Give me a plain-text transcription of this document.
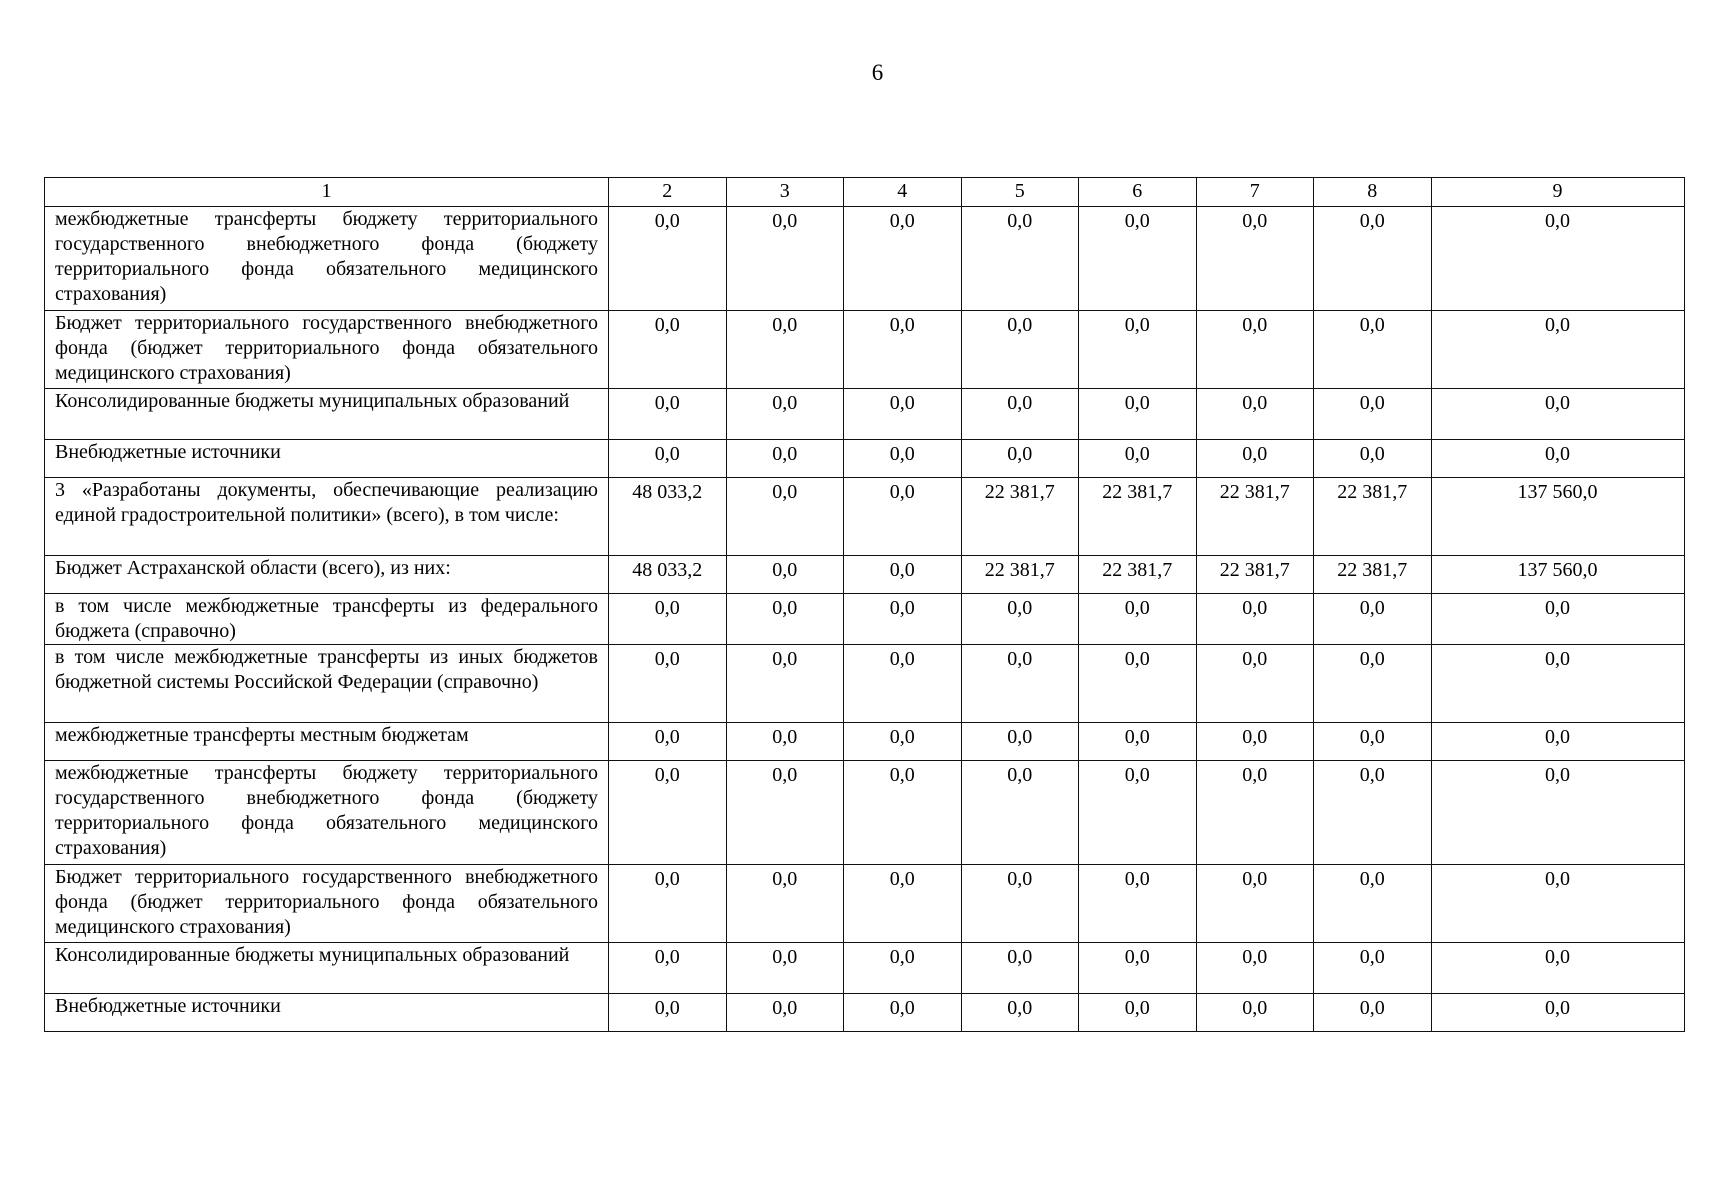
6
1	2	3	4	5	6	7	8	9
межбюджетные трансферты бюджету территориального государственного внебюджетного фонда (бюджету территориального фонда обязательного медицинского страхования)	0,0	0,0	0,0	0,0	0,0	0,0	0,0	0,0
Бюджет территориального государственного внебюджетного фонда (бюджет территориального фонда обязательного медицинского страхования)	0,0	0,0	0,0	0,0	0,0	0,0	0,0	0,0
Консолидированные бюджеты муниципальных образований	0,0	0,0	0,0	0,0	0,0	0,0	0,0	0,0
Внебюджетные источники	0,0	0,0	0,0	0,0	0,0	0,0	0,0	0,0
3 «Разработаны документы, обеспечивающие реализацию единой градостроительной политики» (всего), в том числе:	48 033,2	0,0	0,0	22 381,7	22 381,7	22 381,7	22 381,7	137 560,0
Бюджет Астраханской области (всего), из них:	48 033,2	0,0	0,0	22 381,7	22 381,7	22 381,7	22 381,7	137 560,0
в том числе межбюджетные трансферты из федерального бюджета (справочно)	0,0	0,0	0,0	0,0	0,0	0,0	0,0	0,0
в том числе межбюджетные трансферты из иных бюджетов бюджетной системы Российской Федерации (справочно)	0,0	0,0	0,0	0,0	0,0	0,0	0,0	0,0
межбюджетные трансферты местным бюджетам	0,0	0,0	0,0	0,0	0,0	0,0	0,0	0,0
межбюджетные трансферты бюджету территориального государственного внебюджетного фонда (бюджету территориального фонда обязательного медицинского страхования)	0,0	0,0	0,0	0,0	0,0	0,0	0,0	0,0
Бюджет территориального государственного внебюджетного фонда (бюджет территориального фонда обязательного медицинского страхования)	0,0	0,0	0,0	0,0	0,0	0,0	0,0	0,0
Консолидированные бюджеты муниципальных образований	0,0	0,0	0,0	0,0	0,0	0,0	0,0	0,0
Внебюджетные источники	0,0	0,0	0,0	0,0	0,0	0,0	0,0	0,0
